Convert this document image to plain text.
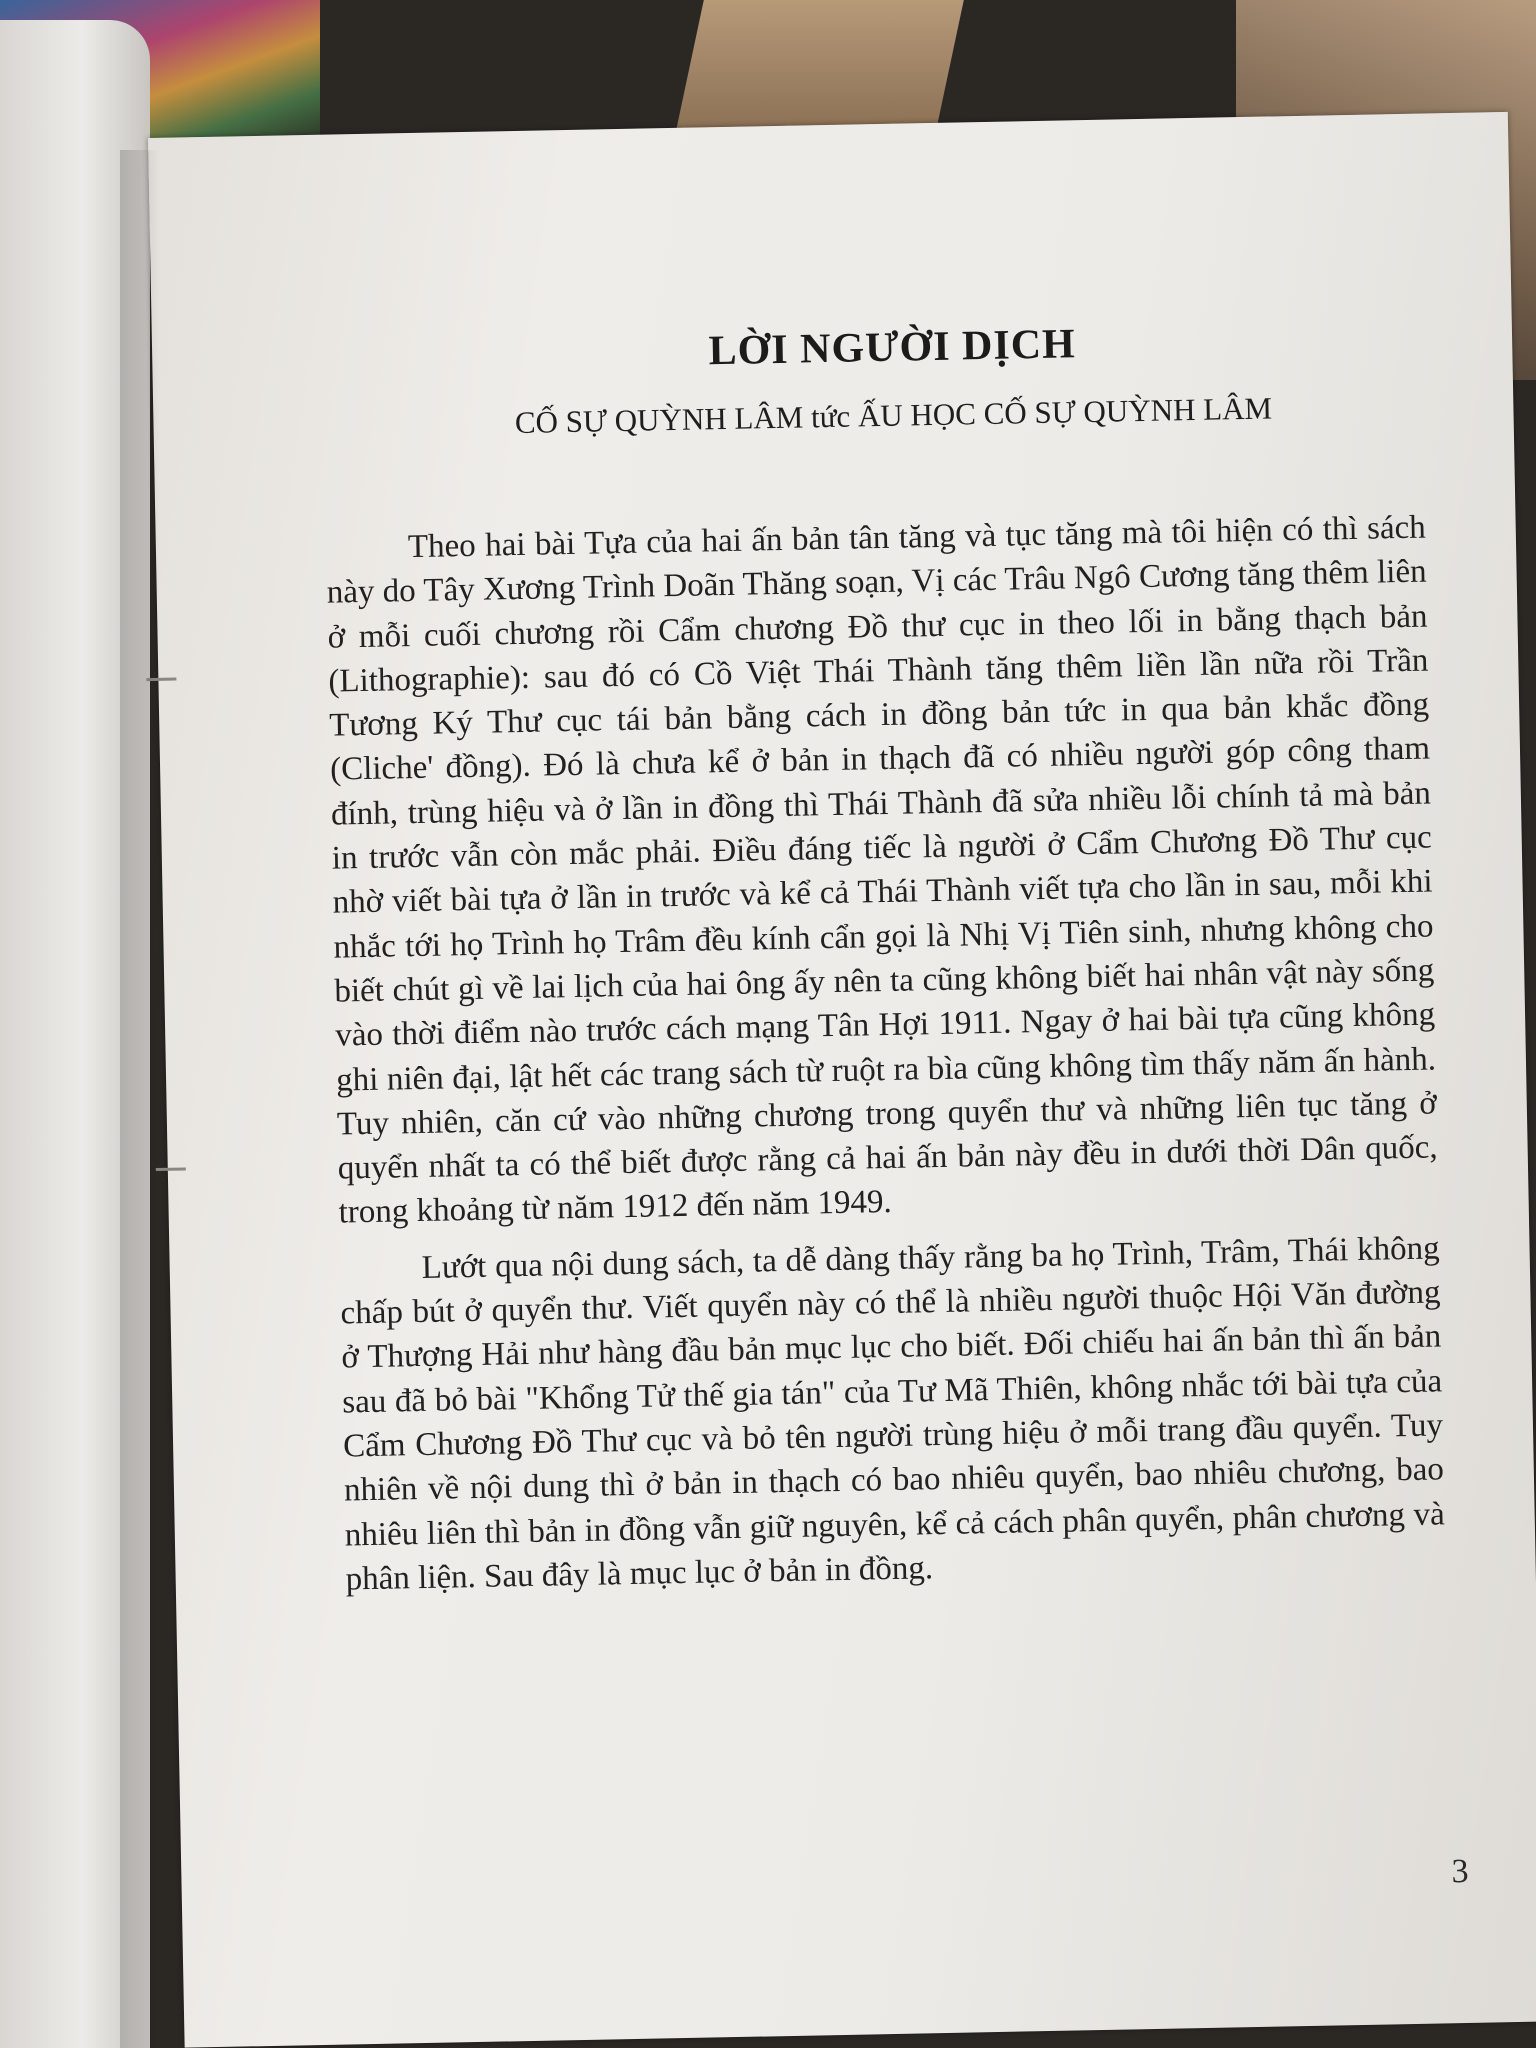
LỜI NGƯỜI DỊCH
CỐ SỰ QUỲNH LÂM tức ẤU HỌC CỐ SỰ QUỲNH LÂM

Theo hai bài Tựa của hai ấn bản tân tăng và tục tăng mà tôi hiện có thì sách này do Tây Xương Trình Doãn Thăng soạn, Vị các Trâu Ngô Cương tăng thêm liên ở mỗi cuối chương rồi Cẩm chương Đồ thư cục in theo lối in bằng thạch bản (Lithographie): sau đó có Cồ Việt Thái Thành tăng thêm liền lần nữa rồi Trần Tương Ký Thư cục tái bản bằng cách in đồng bản tức in qua bản khắc đồng (Cliche' đồng). Đó là chưa kể ở bản in thạch đã có nhiều người góp công tham đính, trùng hiệu và ở lần in đồng thì Thái Thành đã sửa nhiều lỗi chính tả mà bản in trước vẫn còn mắc phải. Điều đáng tiếc là người ở Cẩm Chương Đồ Thư cục nhờ viết bài tựa ở lần in trước và kể cả Thái Thành viết tựa cho lần in sau, mỗi khi nhắc tới họ Trình họ Trâm đều kính cẩn gọi là Nhị Vị Tiên sinh, nhưng không cho biết chút gì về lai lịch của hai ông ấy nên ta cũng không biết hai nhân vật này sống vào thời điểm nào trước cách mạng Tân Hợi 1911. Ngay ở hai bài tựa cũng không ghi niên đại, lật hết các trang sách từ ruột ra bìa cũng không tìm thấy năm ấn hành. Tuy nhiên, căn cứ vào những chương trong quyển thư và những liên tục tăng ở quyển nhất ta có thể biết được rằng cả hai ấn bản này đều in dưới thời Dân quốc, trong khoảng từ năm 1912 đến năm 1949.

Lướt qua nội dung sách, ta dễ dàng thấy rằng ba họ Trình, Trâm, Thái không chấp bút ở quyển thư. Viết quyển này có thể là nhiều người thuộc Hội Văn đường ở Thượng Hải như hàng đầu bản mục lục cho biết. Đối chiếu hai ấn bản thì ấn bản sau đã bỏ bài "Khổng Tử thế gia tán" của Tư Mã Thiên, không nhắc tới bài tựa của Cẩm Chương Đồ Thư cục và bỏ tên người trùng hiệu ở mỗi trang đầu quyển. Tuy nhiên về nội dung thì ở bản in thạch có bao nhiêu quyển, bao nhiêu chương, bao nhiêu liên thì bản in đồng vẫn giữ nguyên, kể cả cách phân quyển, phân chương và phân liện. Sau đây là mục lục ở bản in đồng.

3
